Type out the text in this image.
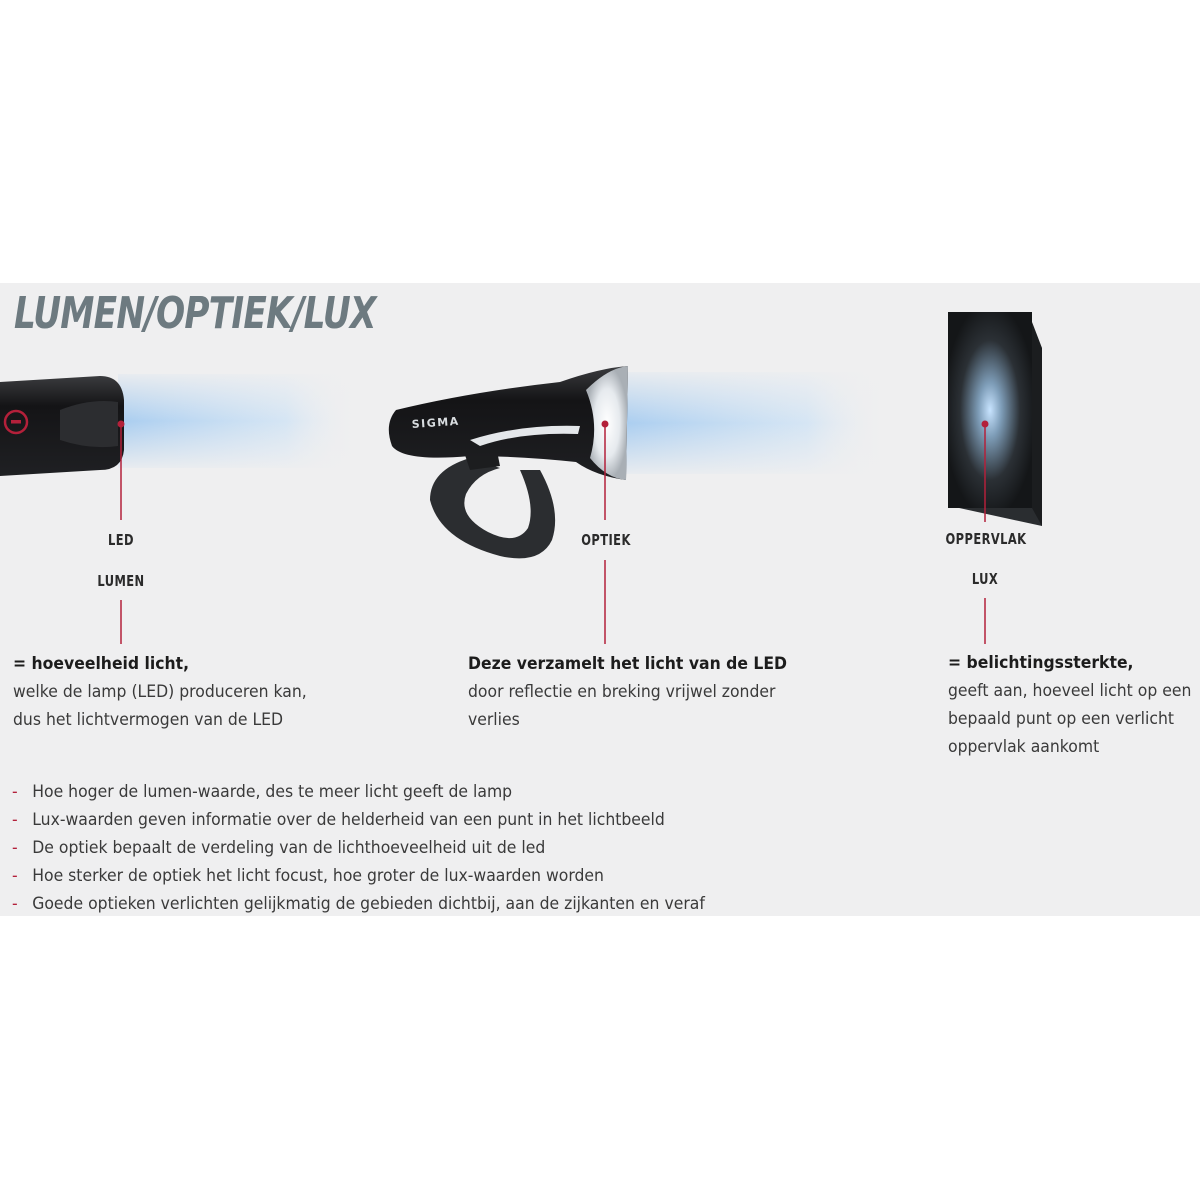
LUMEN/OPTIEK/LUX
SIGMA
LED
LUMEN
OPTIEK	OPPERVLAK
LUX
= hoeveelheid licht,
welke de lamp (LED) produceren kan,
dus het lichtvermogen van de LED
Deze verzamelt het licht van de LED
door reflectie en breking vrijwel zonder
verlies
= belichtingssterkte,
geeft aan, hoeveel licht op een
bepaald punt op een verlicht
oppervlak aankomt
- Hoe hoger de lumen-waarde, des te meer licht geeft de lamp
- Lux-waarden geven informatie over de helderheid van een punt in het lichtbeeld
- De optiek bepaalt de verdeling van de lichthoeveelheid uit de led
- Hoe sterker de optiek het licht focust, hoe groter de lux-waarden worden
- Goede optieken verlichten gelijkmatig de gebieden dichtbij, aan de zijkanten en veraf
